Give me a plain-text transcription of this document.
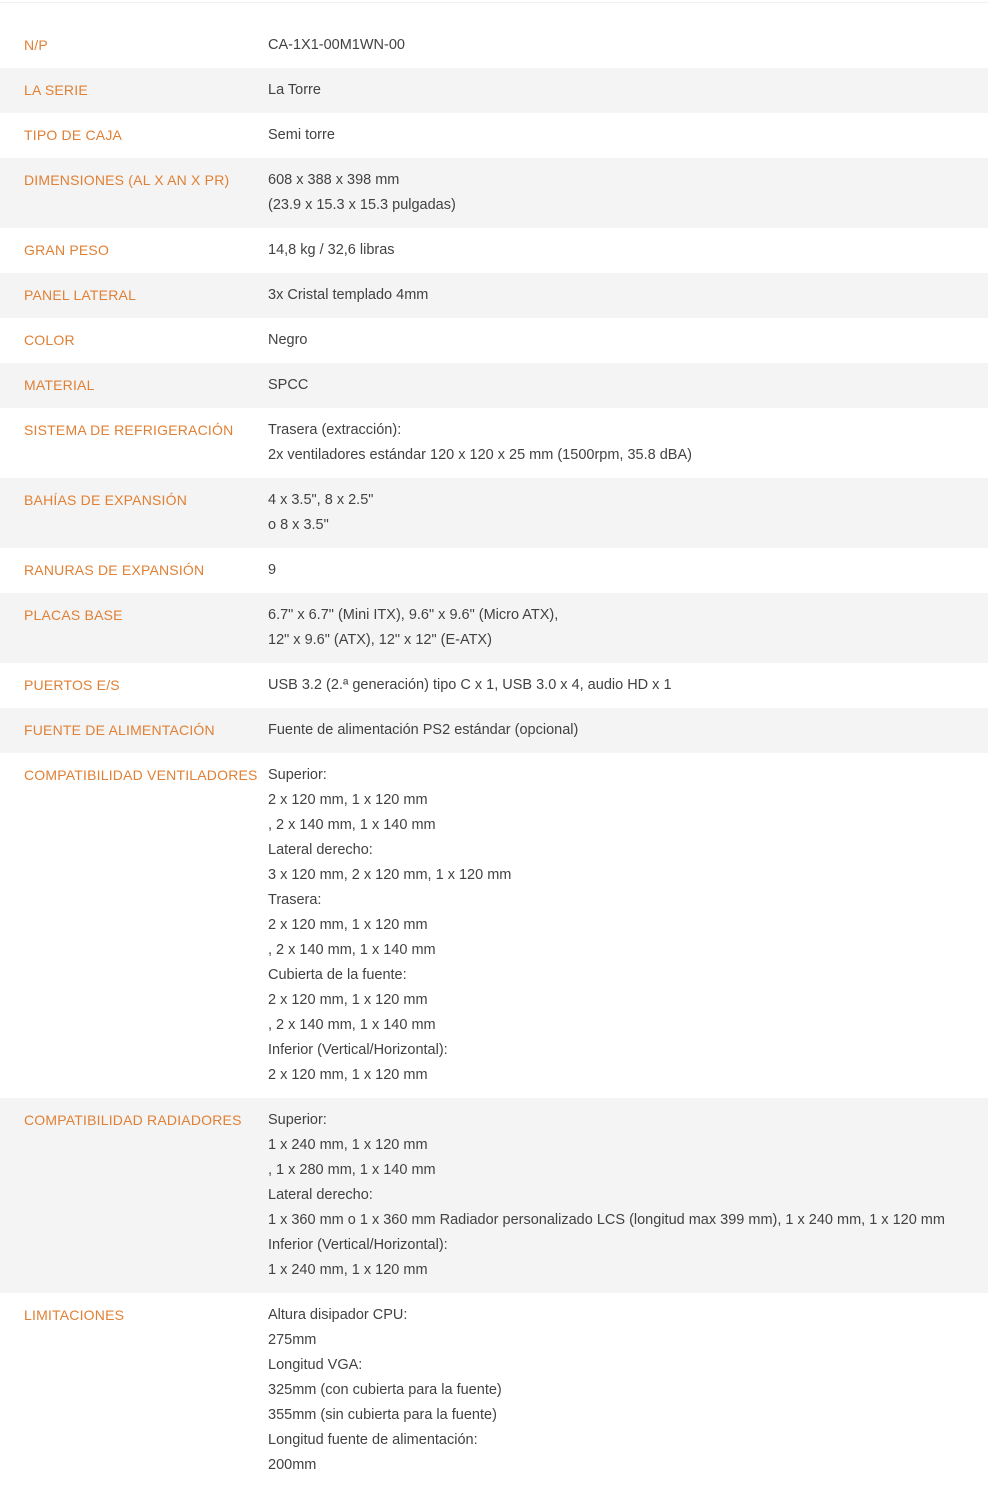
N/P	CA-1X1-00M1WN-00
LA SERIE	La Torre
TIPO DE CAJA	Semi torre
DIMENSIONES (AL X AN X PR)	608 x 388 x 398 mm
(23.9 x 15.3 x 15.3 pulgadas)
GRAN PESO	14,8 kg / 32,6 libras
PANEL LATERAL	3x Cristal templado 4mm
COLOR	Negro
MATERIAL	SPCC
SISTEMA DE REFRIGERACIÓN	Trasera (extracción):
2x ventiladores estándar 120 x 120 x 25 mm (1500rpm, 35.8 dBA)
BAHÍAS DE EXPANSIÓN	4 x 3.5", 8 x 2.5"
o 8 x 3.5"
RANURAS DE EXPANSIÓN	9
PLACAS BASE	6.7" x 6.7" (Mini ITX), 9.6" x 9.6" (Micro ATX),
12" x 9.6" (ATX), 12" x 12" (E-ATX)
PUERTOS E/S	USB 3.2 (2.ª generación) tipo C x 1, USB 3.0 x 4, audio HD x 1
FUENTE DE ALIMENTACIÓN	Fuente de alimentación PS2 estándar (opcional)
COMPATIBILIDAD VENTILADORES Superior:
2 x 120 mm, 1 x 120 mm
, 2 x 140 mm, 1 x 140 mm
Lateral derecho:
3 x 120 mm, 2 x 120 mm, 1 x 120 mm
Trasera:
2 x 120 mm, 1 x 120 mm
, 2 x 140 mm, 1 x 140 mm
Cubierta de la fuente:
2 x 120 mm, 1 x 120 mm
, 2 x 140 mm, 1 x 140 mm
Inferior (Vertical/Horizontal):
2 x 120 mm, 1 x 120 mm
COMPATIBILIDAD RADIADORES	Superior:
1 x 240 mm, 1 x 120 mm
, 1 x 280 mm, 1 x 140 mm
Lateral derecho:
1 x 360 mm o 1 x 360 mm Radiador personalizado LCS (longitud max 399 mm), 1 x 240 mm, 1 x 120 mm
Inferior (Vertical/Horizontal):
1 x 240 mm, 1 x 120 mm
LIMITACIONES	Altura disipador CPU:
275mm
Longitud VGA:
325mm (con cubierta para la fuente)
355mm (sin cubierta para la fuente)
Longitud fuente de alimentación:
200mm
